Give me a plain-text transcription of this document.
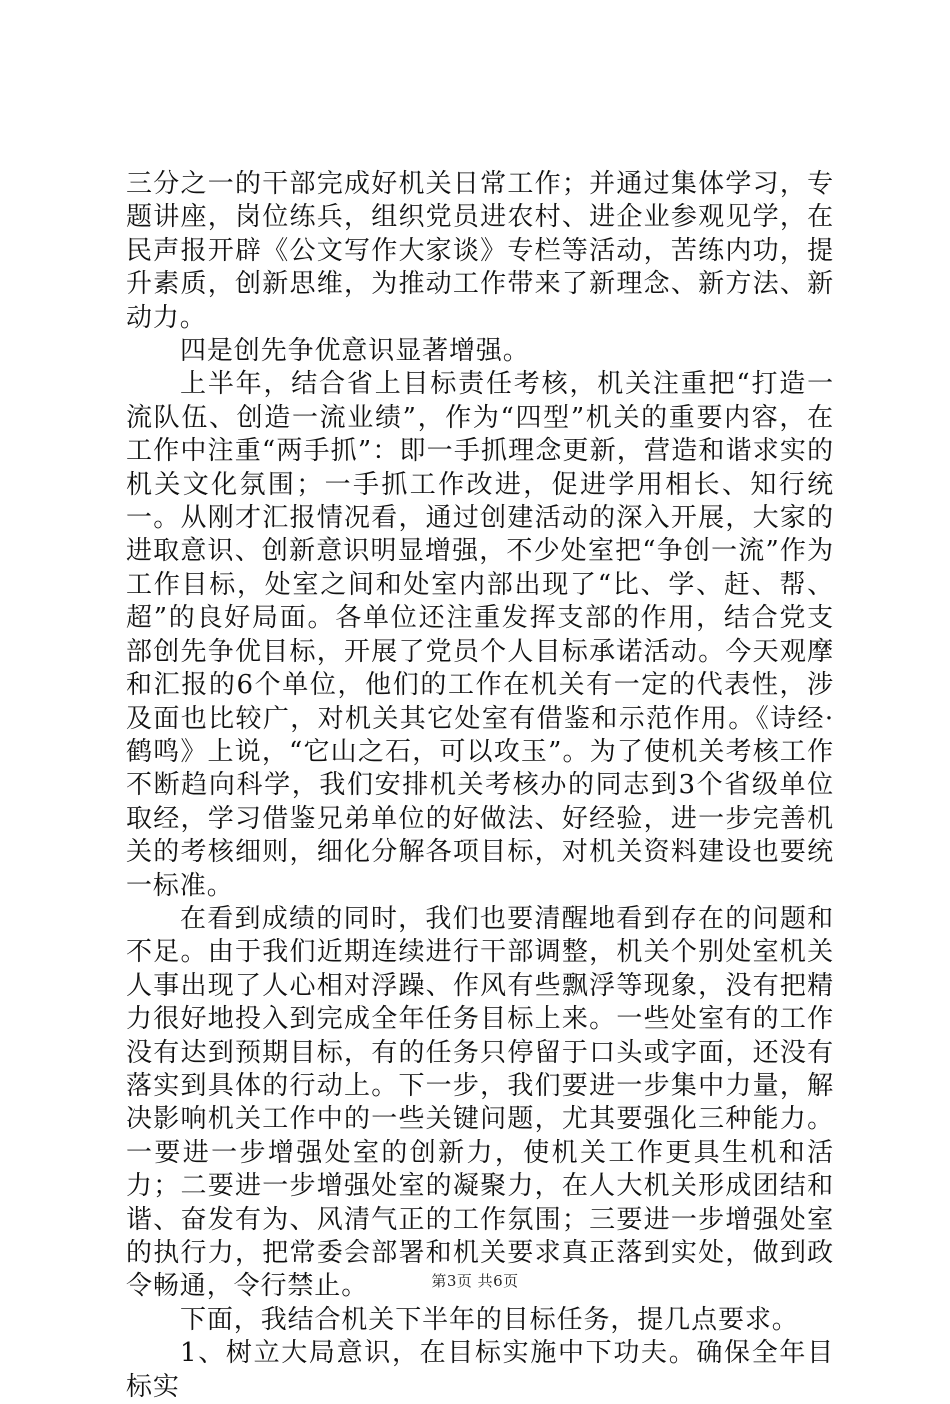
三分之一的干部完成好机关日常工作；并通过集体学习，专题讲座，岗位练兵，组织党员进农村、进企业参观见学，在民声报开辟《公文写作大家谈》专栏等活动，苦练内功，提升素质，创新思维，为推动工作带来了新理念、新方法、新动力。

四是创先争优意识显著增强。

上半年，结合省上目标责任考核，机关注重把“打造一流队伍、创造一流业绩”，作为“四型”机关的重要内容，在工作中注重“两手抓”：即一手抓理念更新，营造和谐求实的机关文化氛围；一手抓工作改进，促进学用相长、知行统一。从刚才汇报情况看，通过创建活动的深入开展，大家的进取意识、创新意识明显增强，不少处室把“争创一流”作为工作目标，处室之间和处室内部出现了“比、学、赶、帮、超”的良好局面。各单位还注重发挥支部的作用，结合党支部创先争优目标，开展了党员个人目标承诺活动。今天观摩和汇报的6个单位，他们的工作在机关有一定的代表性，涉及面也比较广，对机关其它处室有借鉴和示范作用。《诗经·鹤鸣》上说，“它山之石，可以攻玉”。为了使机关考核工作不断趋向科学，我们安排机关考核办的同志到3个省级单位取经，学习借鉴兄弟单位的好做法、好经验，进一步完善机关的考核细则，细化分解各项目标，对机关资料建设也要统一标准。

在看到成绩的同时，我们也要清醒地看到存在的问题和不足。由于我们近期连续进行干部调整，机关个别处室机关人事出现了人心相对浮躁、作风有些飘浮等现象，没有把精力很好地投入到完成全年任务目标上来。一些处室有的工作没有达到预期目标，有的任务只停留于口头或字面，还没有落实到具体的行动上。下一步，我们要进一步集中力量，解决影响机关工作中的一些关键问题，尤其要强化三种能力。一要进一步增强处室的创新力，使机关工作更具生机和活力；二要进一步增强处室的凝聚力，在人大机关形成团结和谐、奋发有为、风清气正的工作氛围；三要进一步增强处室的执行力，把常委会部署和机关要求真正落到实处，做到政令畅通，令行禁止。

下面，我结合机关下半年的目标任务，提几点要求。

1、树立大局意识，在目标实施中下功夫。确保全年目标实

第3页 共6页
